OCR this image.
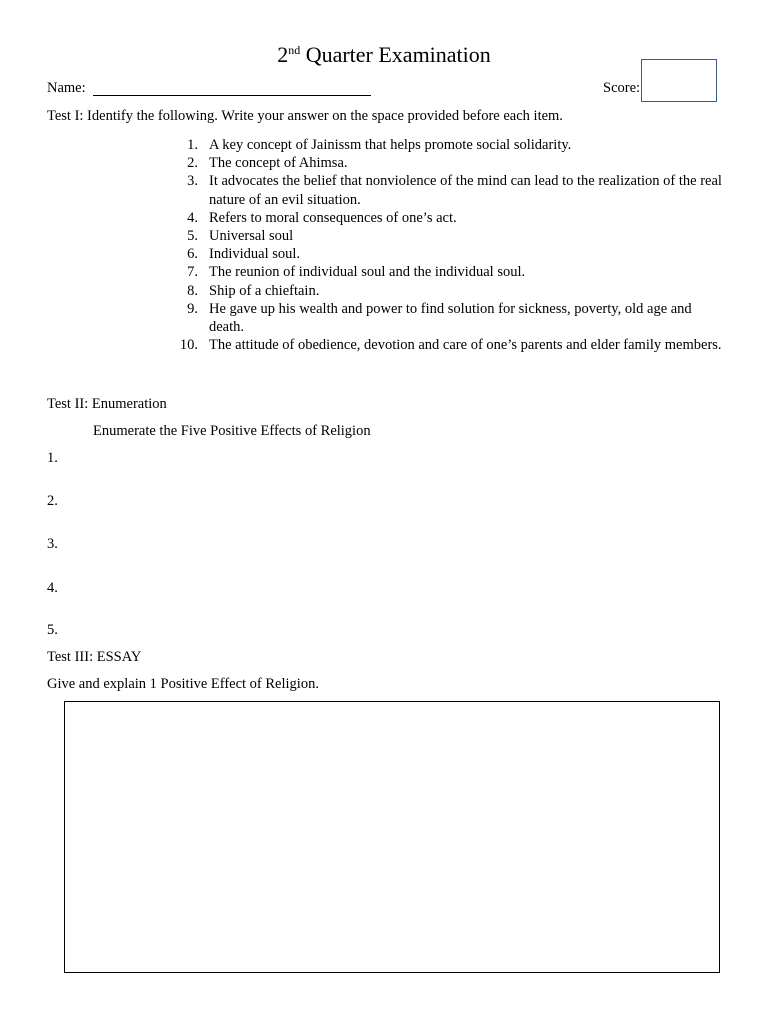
2nd Quarter Examination
Name:	Score:
Test I: Identify the following. Write your answer on the space provided before each item.
1. A key concept of Jainissm that helps promote social solidarity.
2. The concept of Ahimsa.
3. It advocates the belief that nonviolence of the mind can lead to the realization of the real nature of an evil situation.
4. Refers to moral consequences of one’s act.
5. Universal soul
6. Individual soul.
7. The reunion of individual soul and the individual soul.
8. Ship of a chieftain.
9. He gave up his wealth and power to find solution for sickness, poverty, old age and death.
10. The attitude of obedience, devotion and care of one’s parents and elder family members.
Test II: Enumeration
Enumerate the Five Positive Effects of Religion
1.
2.
3.
4.
5.
Test III: ESSAY
Give and explain 1 Positive Effect of Religion.
